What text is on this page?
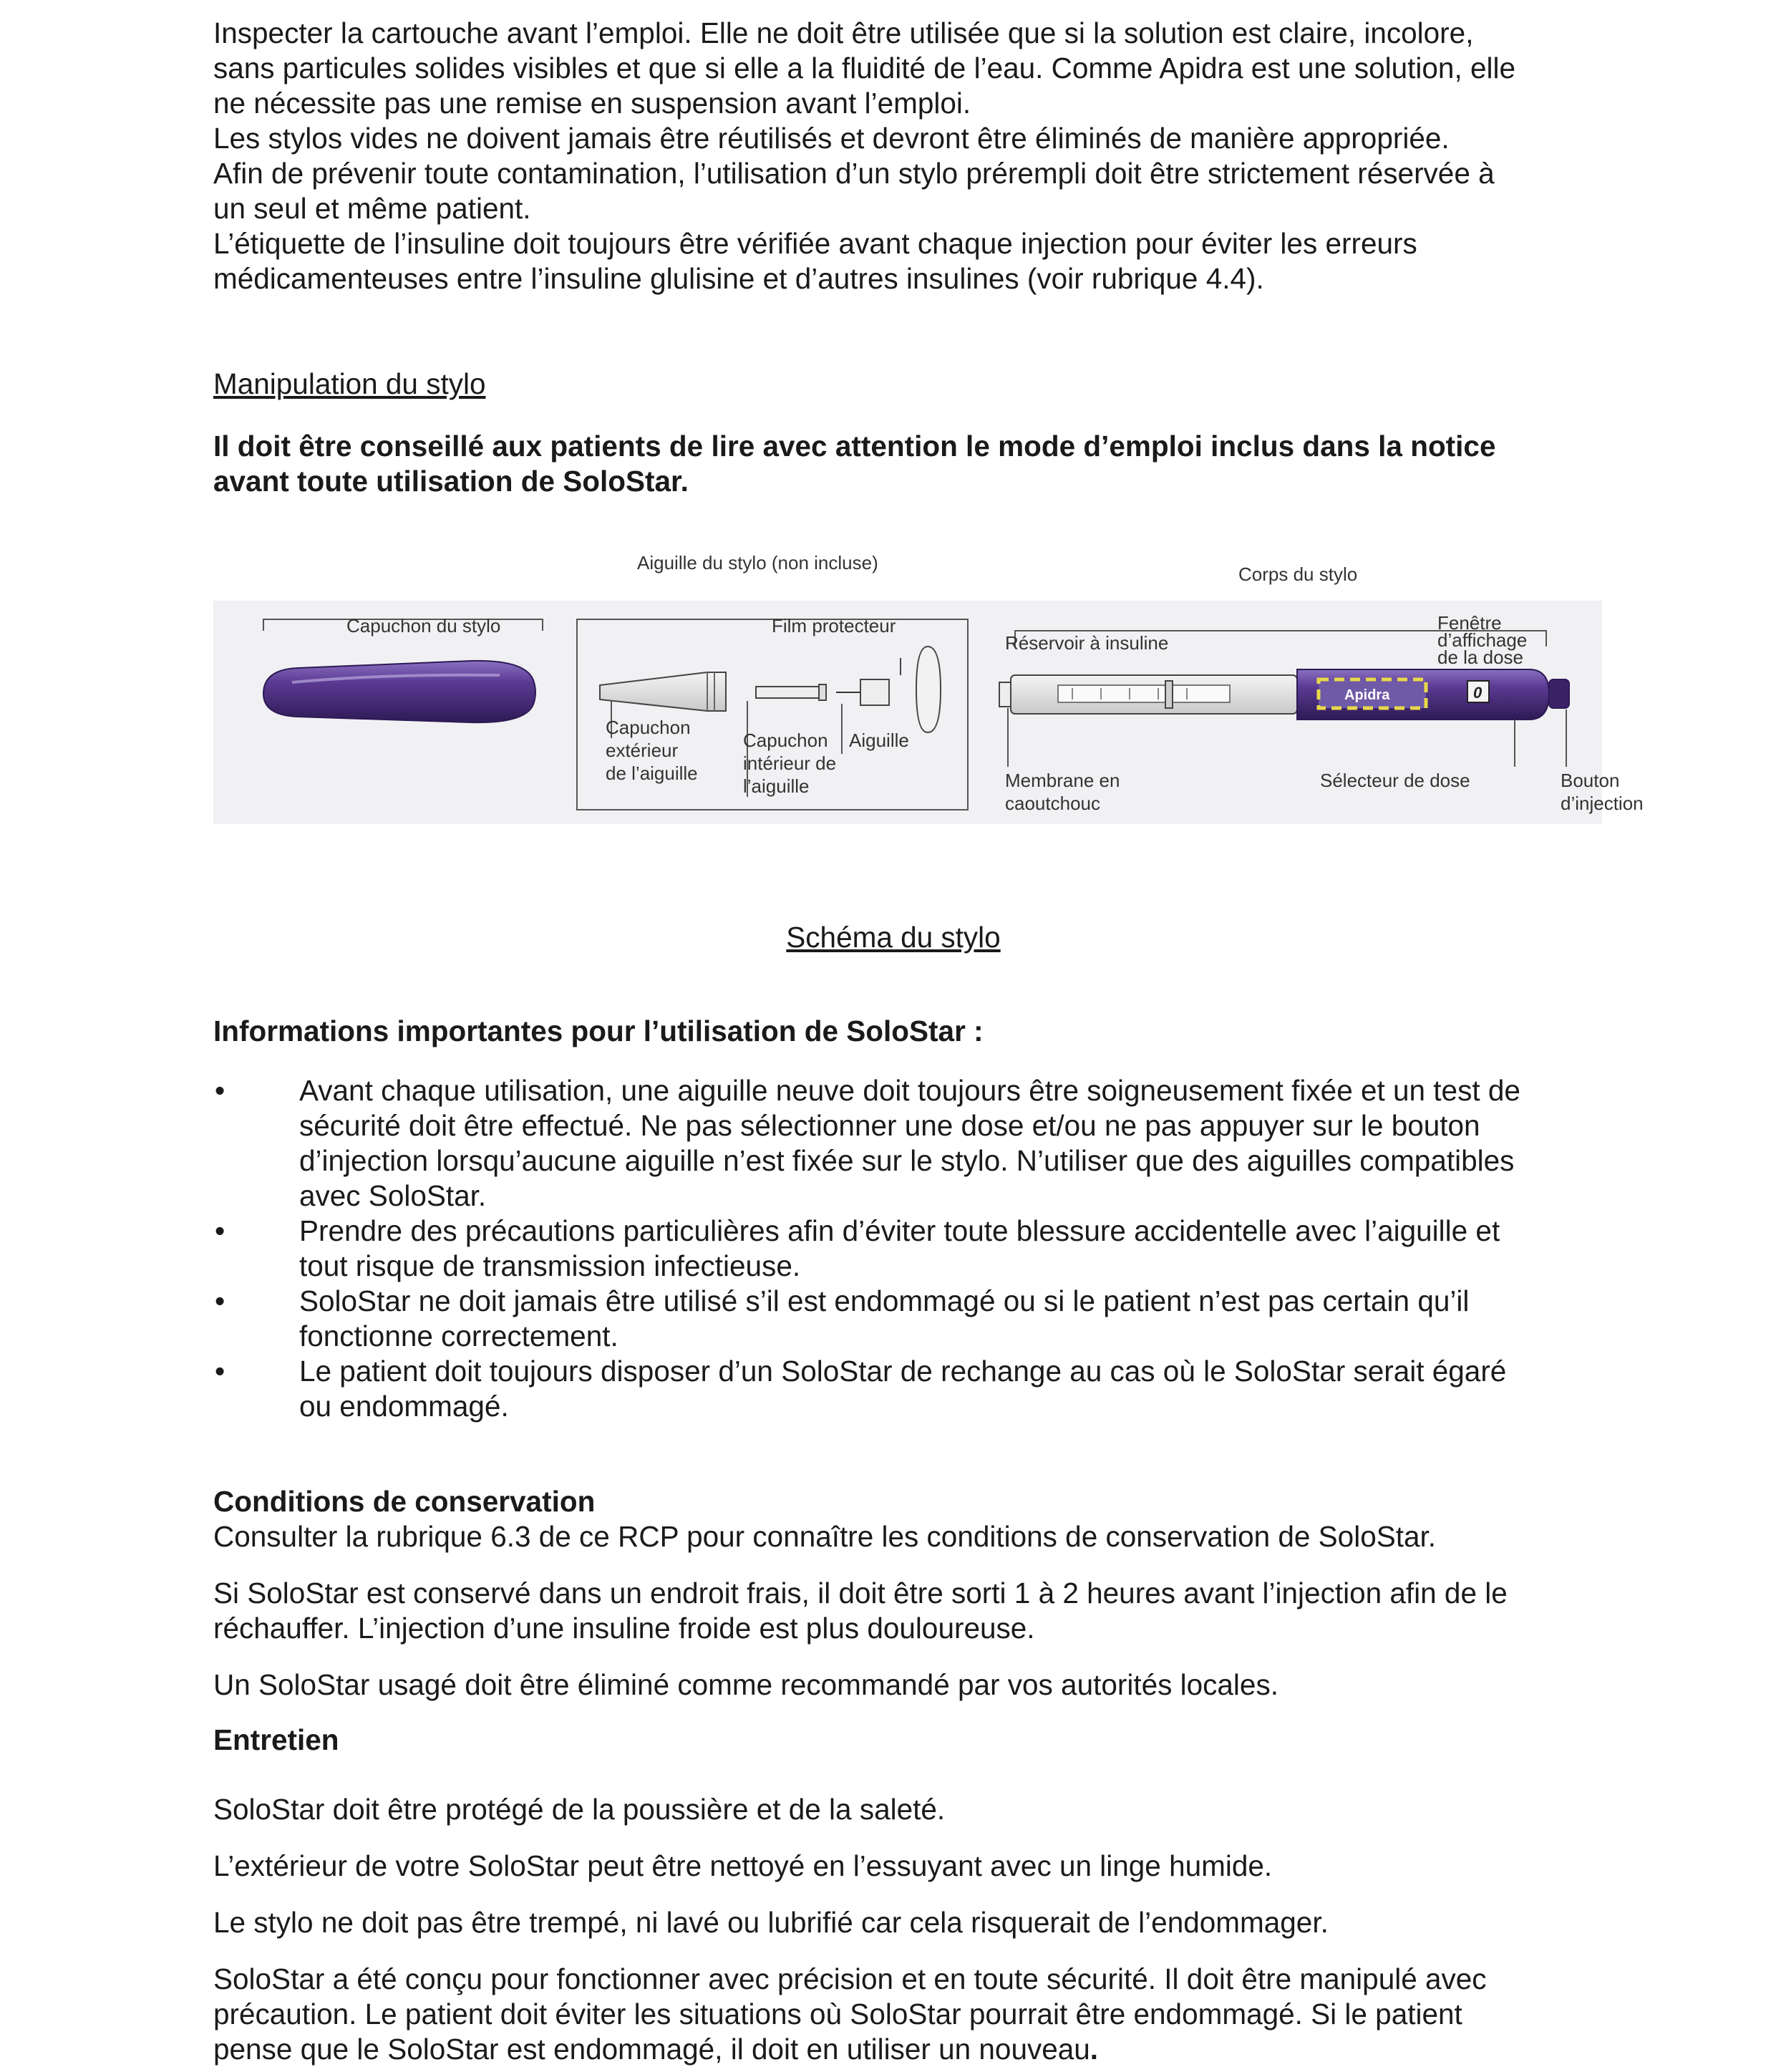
Inspecter la cartouche avant l’emploi. Elle ne doit être utilisée que si la solution est claire, incolore,

sans particules solides visibles et que si elle a la fluidité de l’eau. Comme Apidra est une solution, elle

ne nécessite pas une remise en suspension avant l’emploi.

Les stylos vides ne doivent jamais être réutilisés et devront être éliminés de manière appropriée.

Afin de prévenir toute contamination, l’utilisation d’un stylo prérempli doit être strictement réservée à

un seul et même patient.

L’étiquette de l’insuline doit toujours être vérifiée avant chaque injection pour éviter les erreurs

médicamenteuses entre l’insuline glulisine et d’autres insulines (voir rubrique 4.4).

Manipulation du stylo

Il doit être conseillé aux patients de lire avec attention le mode d’emploi inclus dans la notice

avant toute utilisation de SoloStar.

Aiguille du stylo (non incluse)
Corps du stylo
Capuchon du stylo	Film protecteur
Capuchon
extérieur
de l’aiguille
Capuchon
intérieur de
l’aiguille
Aiguille
Réservoir à insuline
Fenêtre
d’affichage
de la dose
Apidra	0
Membrane en
caoutchouc
Sélecteur de dose	Bouton
d’injection

Schéma du stylo

Informations importantes pour l’utilisation de SoloStar :

•	Avant chaque utilisation, une aiguille neuve doit toujours être soigneusement fixée et un test de

sécurité doit être effectué. Ne pas sélectionner une dose et/ou ne pas appuyer sur le bouton

d’injection lorsqu’aucune aiguille n’est fixée sur le stylo. N’utiliser que des aiguilles compatibles

avec SoloStar.

•	Prendre des précautions particulières afin d’éviter toute blessure accidentelle avec l’aiguille et

tout risque de transmission infectieuse.

•	SoloStar ne doit jamais être utilisé s’il est endommagé ou si le patient n’est pas certain qu’il

fonctionne correctement.

•	Le patient doit toujours disposer d’un SoloStar de rechange au cas où le SoloStar serait égaré

ou endommagé.

Conditions de conservation

Consulter la rubrique 6.3 de ce RCP pour connaître les conditions de conservation de SoloStar.

Si SoloStar est conservé dans un endroit frais, il doit être sorti 1 à 2 heures avant l’injection afin de le

réchauffer. L’injection d’une insuline froide est plus douloureuse.

Un SoloStar usagé doit être éliminé comme recommandé par vos autorités locales.

Entretien

SoloStar doit être protégé de la poussière et de la saleté.

L’extérieur de votre SoloStar peut être nettoyé en l’essuyant avec un linge humide.

Le stylo ne doit pas être trempé, ni lavé ou lubrifié car cela risquerait de l’endommager.

SoloStar a été conçu pour fonctionner avec précision et en toute sécurité. Il doit être manipulé avec

précaution. Le patient doit éviter les situations où SoloStar pourrait être endommagé. Si le patient

pense que le SoloStar est endommagé, il doit en utiliser un nouveau.
